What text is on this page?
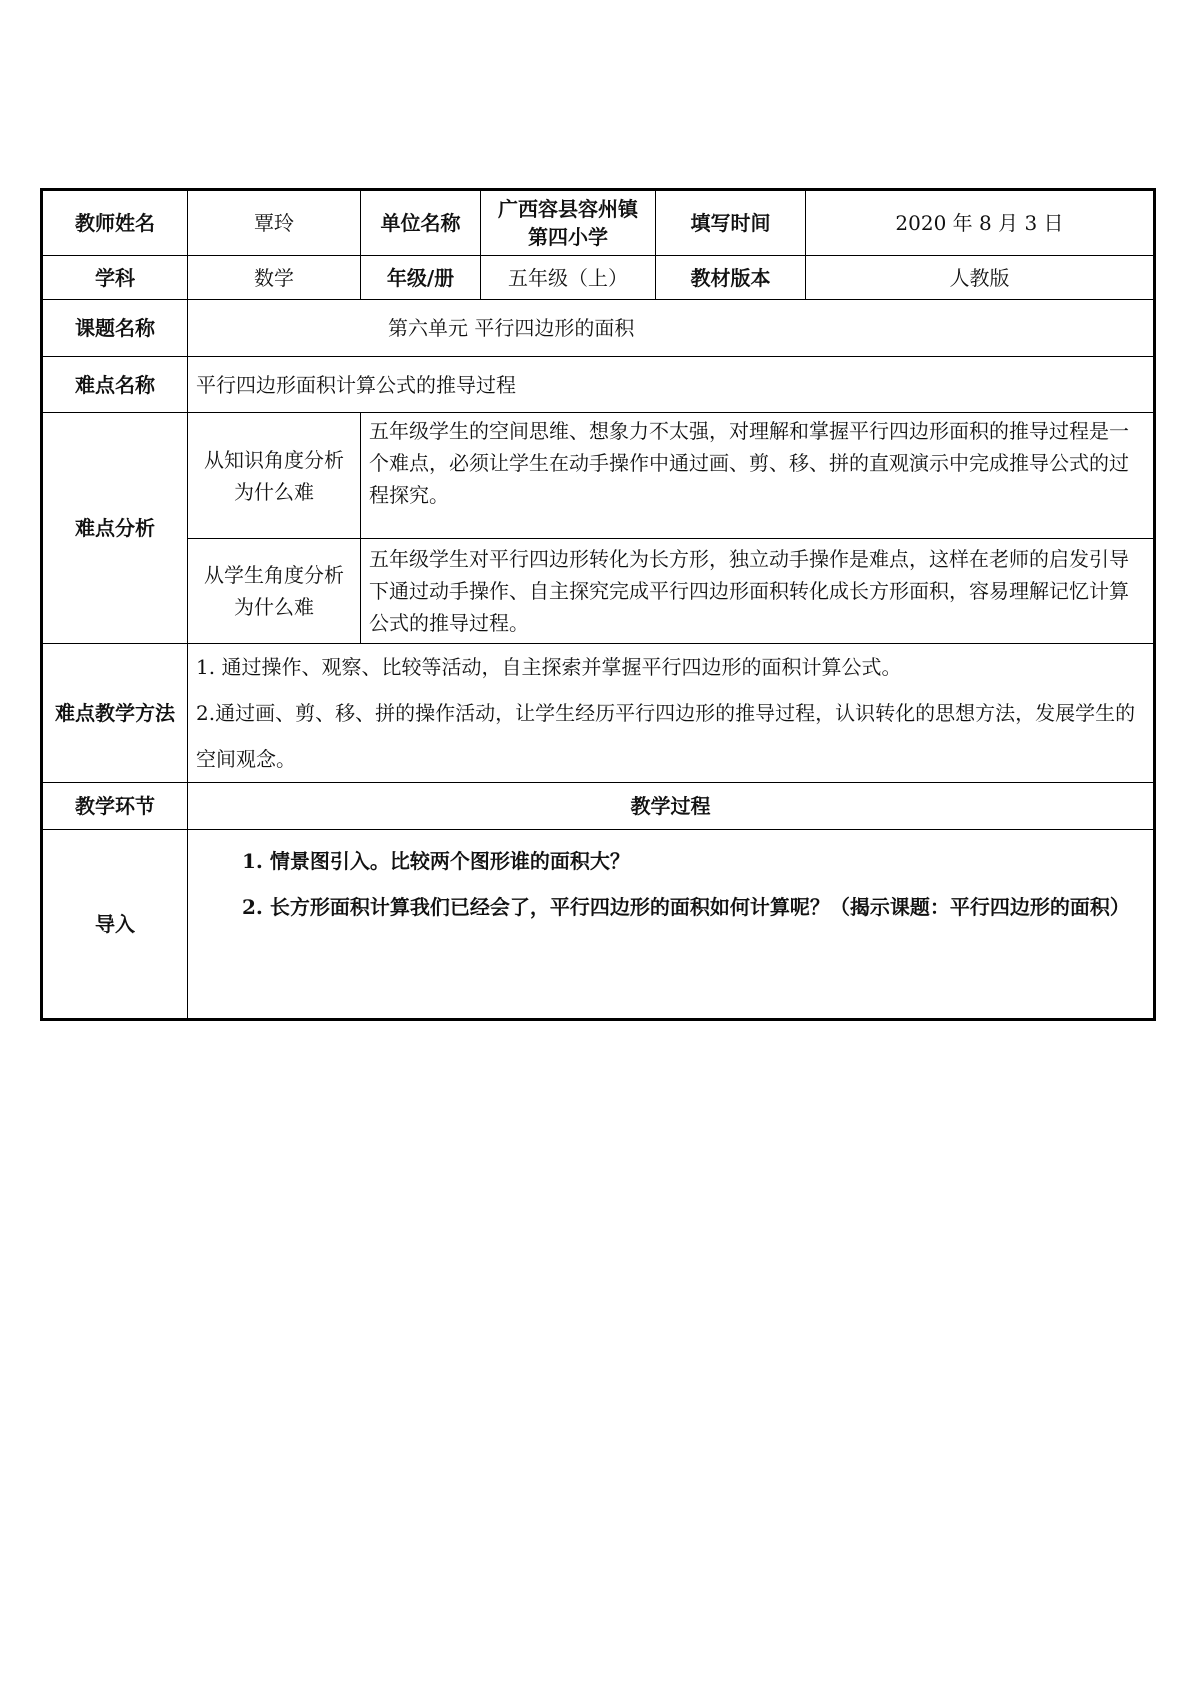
教师姓名	覃玲	单位名称	广西容县容州镇第四小学	填写时间	2020 年 8 月 3 日
学科	数学	年级/册	五年级（上）	教材版本	人教版
课题名称	第六单元 平行四边形的面积				
难点名称	平行四边形面积计算公式的推导过程				
难点分析	从知识角度分析为什么难	五年级学生的空间思维、想象力不太强，对理解和掌握平行四边形面积的推导过程是一个难点，必须让学生在动手操作中通过画、剪、移、拼的直观演示中完成推导公式的过程探究。			
	从学生角度分析为什么难	五年级学生对平行四边形转化为长方形，独立动手操作是难点，这样在老师的启发引导下通过动手操作、自主探究完成平行四边形面积转化成长方形面积，容易理解记忆计算公式的推导过程。			
难点教学方法	1. 通过操作、观察、比较等活动，自主探索并掌握平行四边形的面积计算公式。

2.通过画、剪、移、拼的操作活动，让学生经历平行四边形的推导过程，认识转化的思想方法，发展学生的空间观念。				

教学环节	教学过程				
导入	1. 情景图引入。比较两个图形谁的面积大？

2. 长方形面积计算我们已经会了，平行四边形的面积如何计算呢？（揭示课题：平行四边形的面积）				
